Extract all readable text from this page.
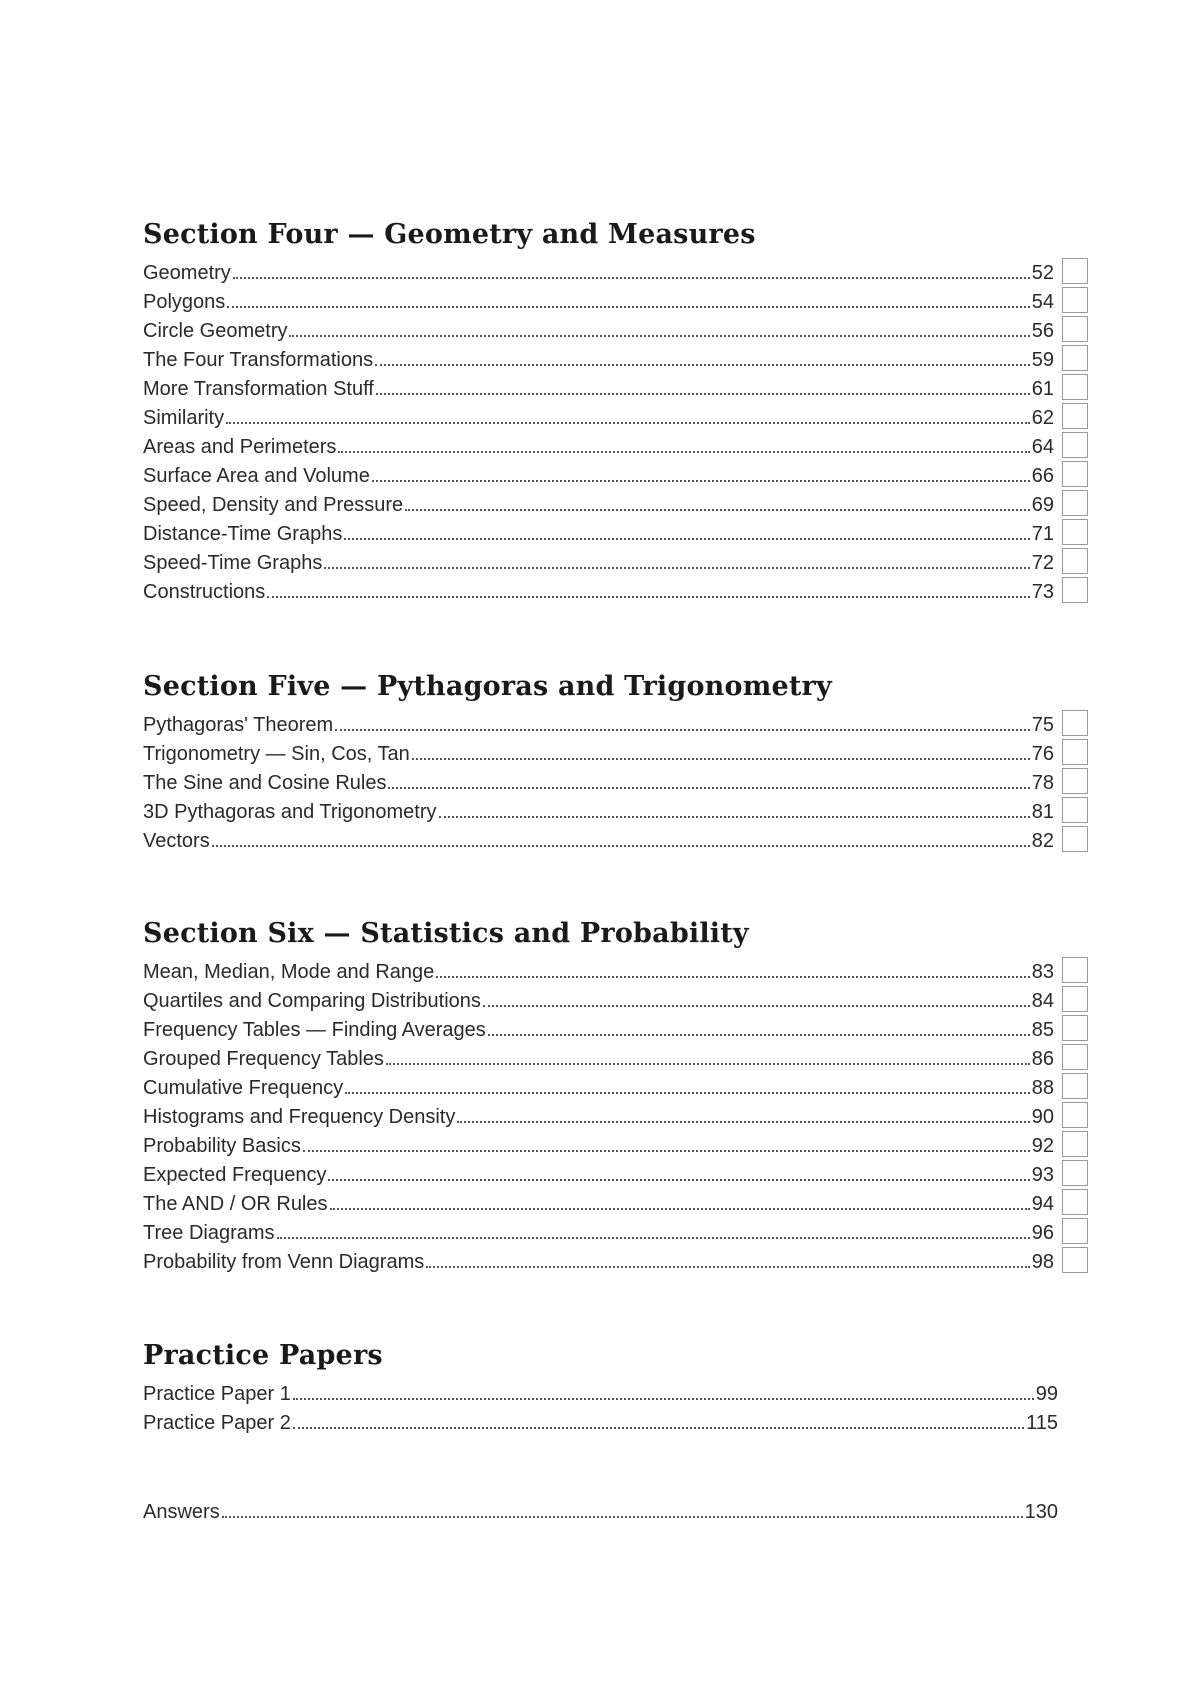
Section Four — Geometry and Measures
Geometry	52
Polygons	54
Circle Geometry	56
The Four Transformations	59
More Transformation Stuff	61
Similarity	62
Areas and Perimeters	64
Surface Area and Volume	66
Speed, Density and Pressure	69
Distance-Time Graphs	71
Speed-Time Graphs	72
Constructions	73
Section Five — Pythagoras and Trigonometry
Pythagoras' Theorem	75
Trigonometry — Sin, Cos, Tan	76
The Sine and Cosine Rules	78
3D Pythagoras and Trigonometry	81
Vectors	82
Section Six — Statistics and Probability
Mean, Median, Mode and Range	83
Quartiles and Comparing Distributions	84
Frequency Tables — Finding Averages	85
Grouped Frequency Tables	86
Cumulative Frequency	88
Histograms and Frequency Density	90
Probability Basics	92
Expected Frequency	93
The AND / OR Rules	94
Tree Diagrams	96
Probability from Venn Diagrams	98
Practice Papers
Practice Paper 1	99
Practice Paper 2	115
Answers	130
